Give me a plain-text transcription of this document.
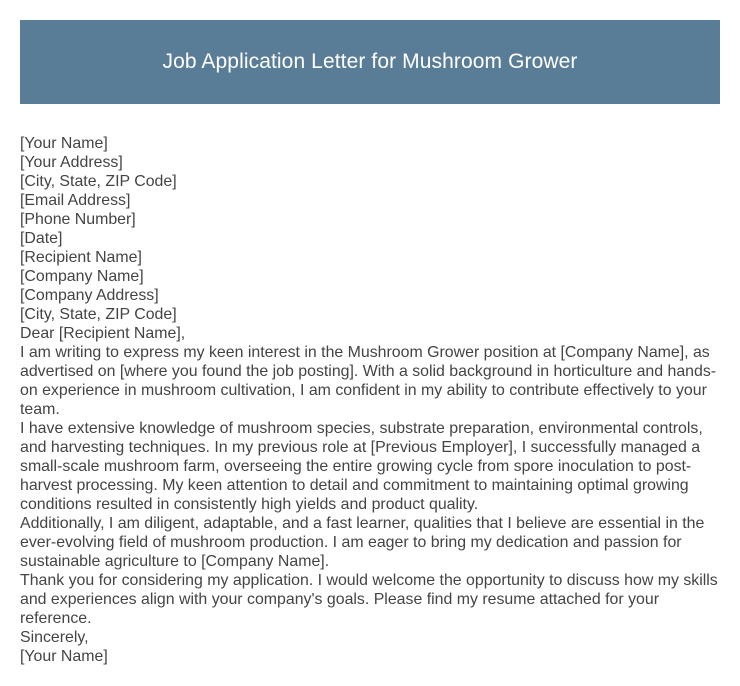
Job Application Letter for Mushroom Grower
[Your Name]
[Your Address]
[City, State, ZIP Code]
[Email Address]
[Phone Number]
[Date]
[Recipient Name]
[Company Name]
[Company Address]
[City, State, ZIP Code]
Dear [Recipient Name],
I am writing to express my keen interest in the Mushroom Grower position at [Company Name], as advertised on [where you found the job posting]. With a solid background in horticulture and hands-on experience in mushroom cultivation, I am confident in my ability to contribute effectively to your team.
I have extensive knowledge of mushroom species, substrate preparation, environmental controls, and harvesting techniques. In my previous role at [Previous Employer], I successfully managed a small-scale mushroom farm, overseeing the entire growing cycle from spore inoculation to post-harvest processing. My keen attention to detail and commitment to maintaining optimal growing conditions resulted in consistently high yields and product quality.
Additionally, I am diligent, adaptable, and a fast learner, qualities that I believe are essential in the ever-evolving field of mushroom production. I am eager to bring my dedication and passion for sustainable agriculture to [Company Name].
Thank you for considering my application. I would welcome the opportunity to discuss how my skills and experiences align with your company's goals. Please find my resume attached for your reference.
Sincerely,
[Your Name]
